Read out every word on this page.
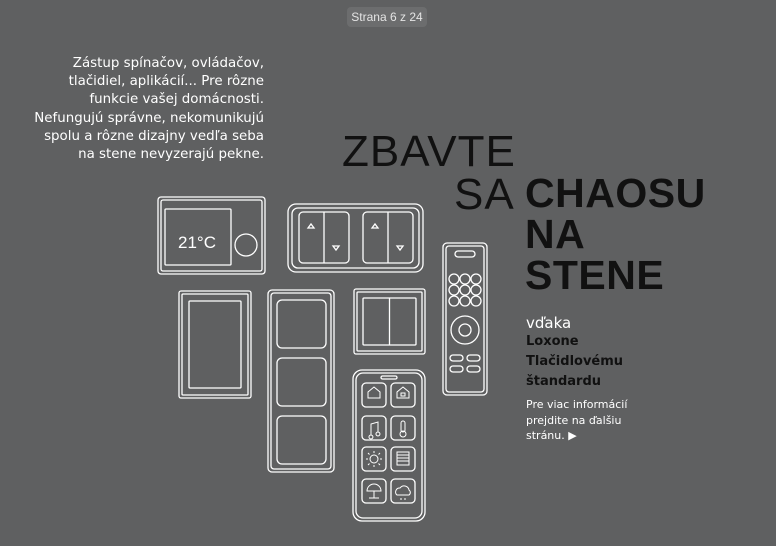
Strana 6 z 24
Zástup spínačov, ovládačov,
tlačidiel, aplikácií... Pre rôzne
funkcie vašej domácnosti.
Nefungujú správne, nekomunikujú
spolu a rôzne dizajny vedľa seba
na stene nevyzerajú pekne. ZBAVTE
SA CHAOSU
NA
STENE
vďaka
Loxone
Tlačidlovému
štandardu
Pre viac informácií
prejdite na ďalšiu
stránu. ▶
21°C
